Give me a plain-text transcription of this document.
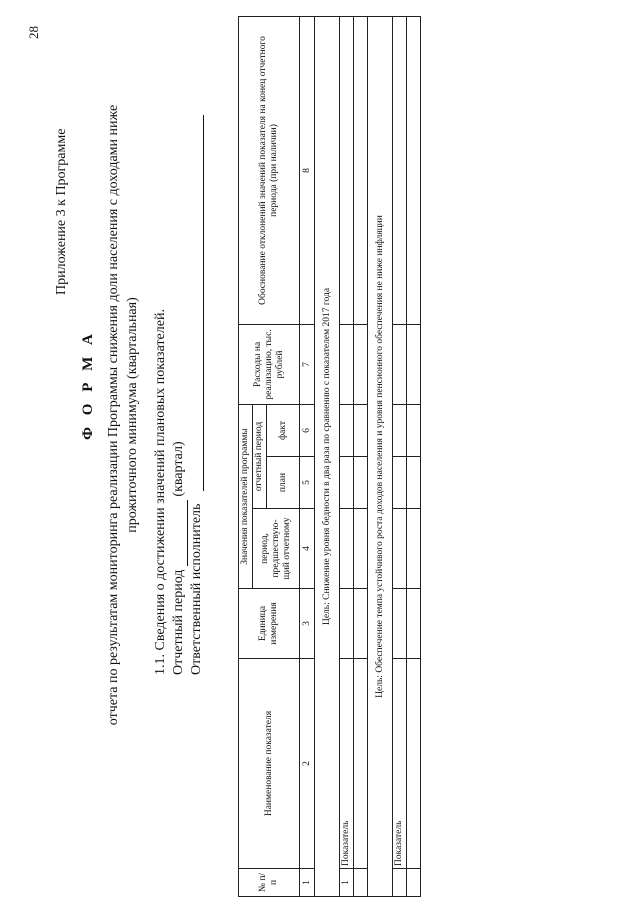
28
Приложение 3 к Программе
Ф О Р М А отчета по результатам мониторинга реализации Программы снижения доли населения с доходами ниже прожиточного минимума (квартальная) 1.1. Сведения о достижении значений плановых показателей. Отчетный период  (квартал)
Ответственный исполнитель
№ п/п	Наименование показателя	Единица измерения	Значения показателей программы			Расходы на реализацию, тыс. рублей	Обоснование отклонений значений показателя на конец отчетного периода (при наличии)
			период, предшествую-щий отчетному	отчетный период			
				план	факт		
1	2	3	4	5	6	7	8
Цель: Снижение уровня бедности в два раза по сравнению с показателем 2017 года							
1	Показатель						

Цель: Обеспечение темпа устойчивого роста доходов населения и уровня пенсионного обеспечения не ниже инфляции							
	Показатель						
